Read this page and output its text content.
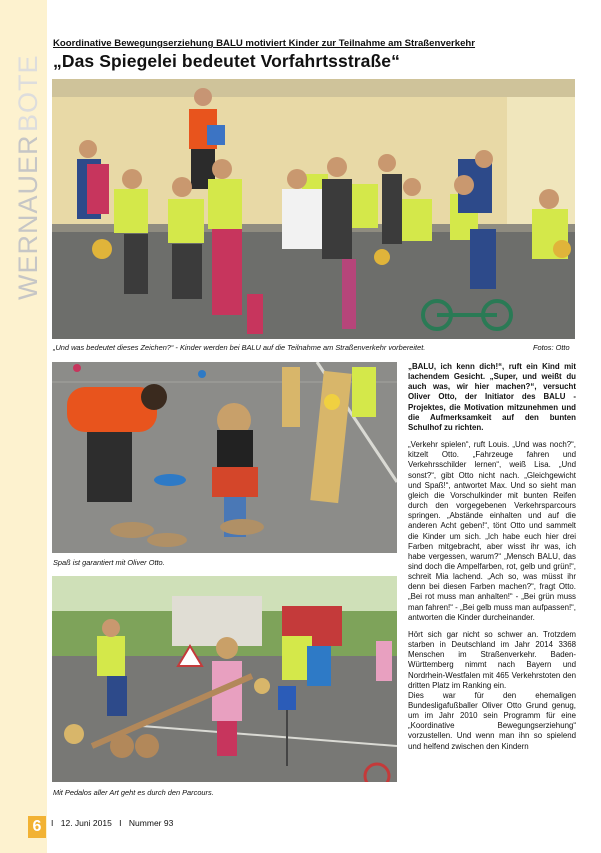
WERNAUER
BOTE
Koordinative Bewegungserziehung BALU motiviert Kinder zur Teilnahme am Straßenverkehr
„Das Spiegelei bedeutet Vorfahrtsstraße“
„Und was bedeutet dieses Zeichen?“ - Kinder werden bei BALU auf die Teilnahme am Straßenverkehr vorbereitet.	Fotos: Otto
Spaß ist garantiert mit Oliver Otto.
Mit Pedalos aller Art geht es durch den Parcours.

„BALU, ich kenn dich!“, ruft ein Kind mit lachendem Gesicht. „Super, und weißt du auch was, wir hier machen?“, versucht Oliver Otto, der Initiator des BALU - Projektes, die Motivation mitzunehmen und die Aufmerksamkeit auf den bunten Schulhof zu richten.

„Verkehr spielen“, ruft Louis. „Und was noch?“, kitzelt Otto. „Fahrzeuge fahren und Verkehrsschilder lernen“, weiß Lisa. „Und sonst?“, gibt Otto nicht nach. „Gleichgewicht und Spaß!“, antwortet Max. Und so sieht man gleich die Vorschulkinder mit bunten Reifen durch den vorgegebenen Verkehrsparcours springen. „Abstände einhalten und auf die anderen Acht geben!“, tönt Otto und sammelt die Kinder um sich. „Ich habe euch hier drei Farben mitgebracht, aber wisst ihr was, ich habe vergessen, warum?“ „Mensch BALU, das sind doch die Ampelfarben, rot, gelb und grün!“, schreit Mia lachend. „Ach so, was müsst ihr denn bei diesen Farben machen?“, fragt Otto. „Bei rot muss man anhalten!“ - „Bei grün muss man fahren!“ - „Bei gelb muss man aufpassen!“, antworten die Kinder durcheinander.

Hört sich gar nicht so schwer an. Trotzdem starben in Deutschland im Jahr 2014 3368 Menschen im Straßenverkehr. Baden-Württemberg nimmt nach Bayern und Nordrhein-Westfalen mit 465 Verkehrstoten den dritten Platz im Ranking ein.

Dies war für den ehemaligen Bundesligafußballer Oliver Otto Grund genug, um im Jahr 2010 sein Programm für eine „Koordinative Bewegungserziehung“ vorzustellen. Und wenn man ihn so spielend und helfend zwischen den Kindern

6	I 12. Juni 2015 I Nummer 93
